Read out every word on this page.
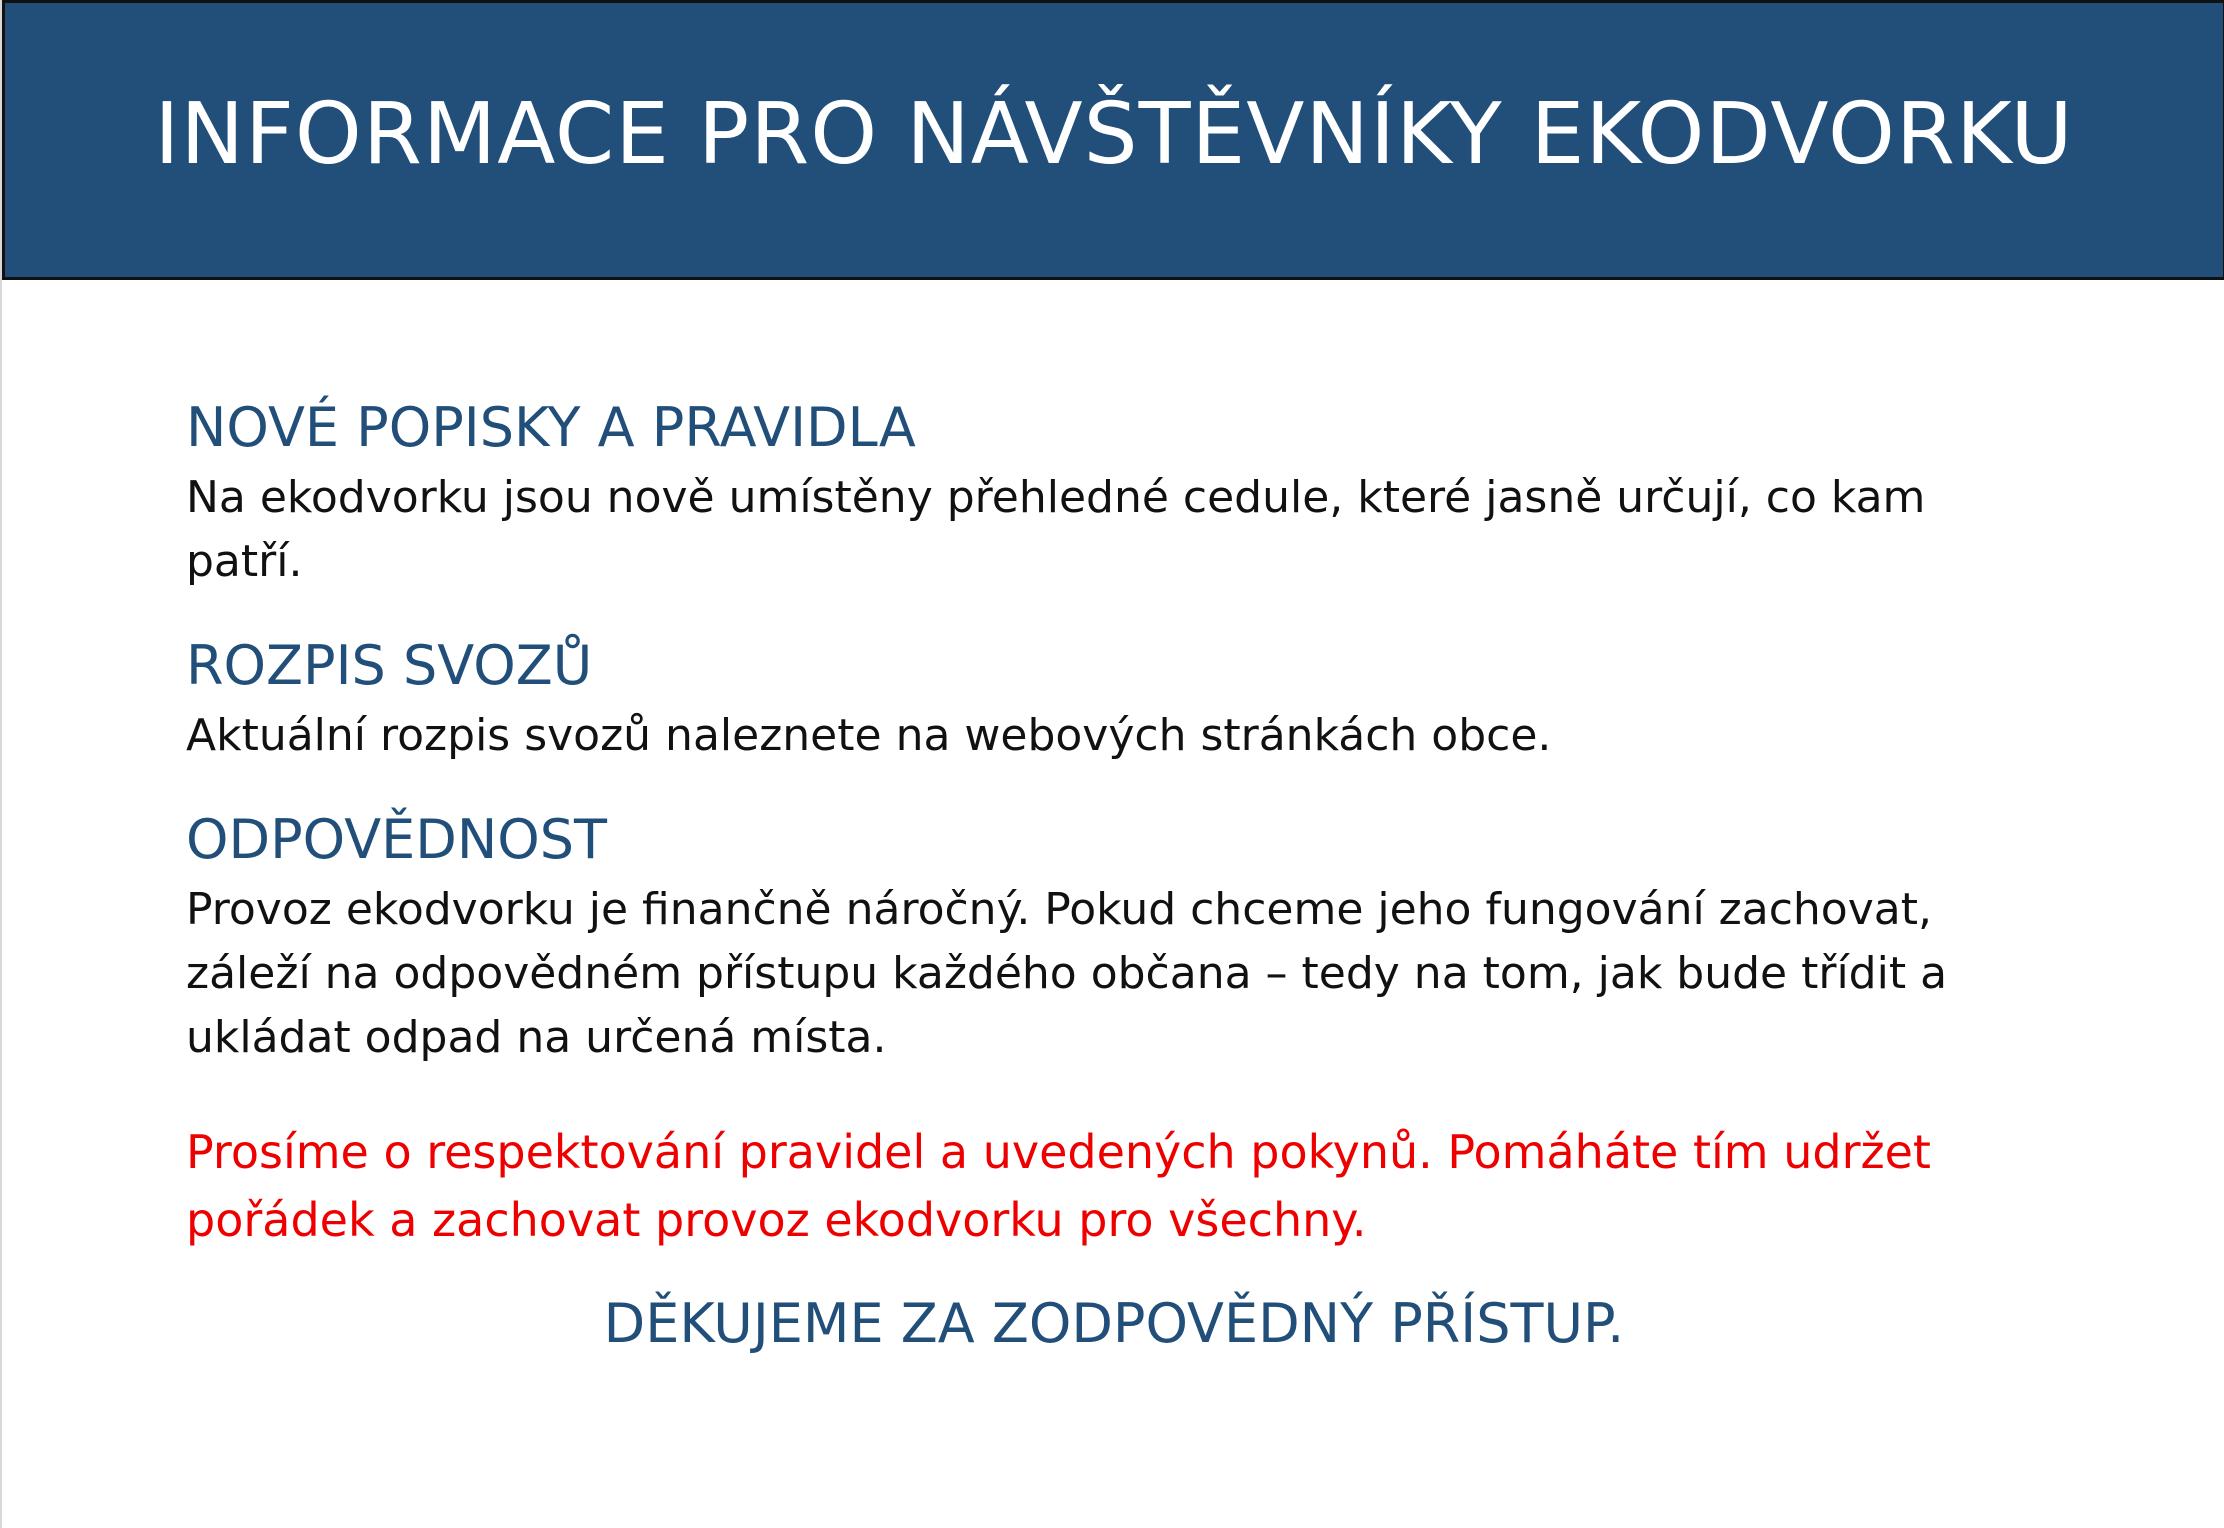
INFORMACE PRO NÁVŠTĚVNÍKY EKODVORKU
NOVÉ POPISKY A PRAVIDLA

Na ekodvorku jsou nově umístěny přehledné cedule, které jasně určují, co kam patří.

ROZPIS SVOZŮ

Aktuální rozpis svozů naleznete na webových stránkách obce.

ODPOVĚDNOST

Provoz ekodvorku je finančně náročný. Pokud chceme jeho fungování zachovat, záleží na odpovědném přístupu každého občana – tedy na tom, jak bude třídit a ukládat odpad na určená místa.

Prosíme o respektování pravidel a uvedených pokynů. Pomáháte tím udržet pořádek a zachovat provoz ekodvorku pro všechny.

DĚKUJEME ZA ZODPOVĚDNÝ PŘÍSTUP.
